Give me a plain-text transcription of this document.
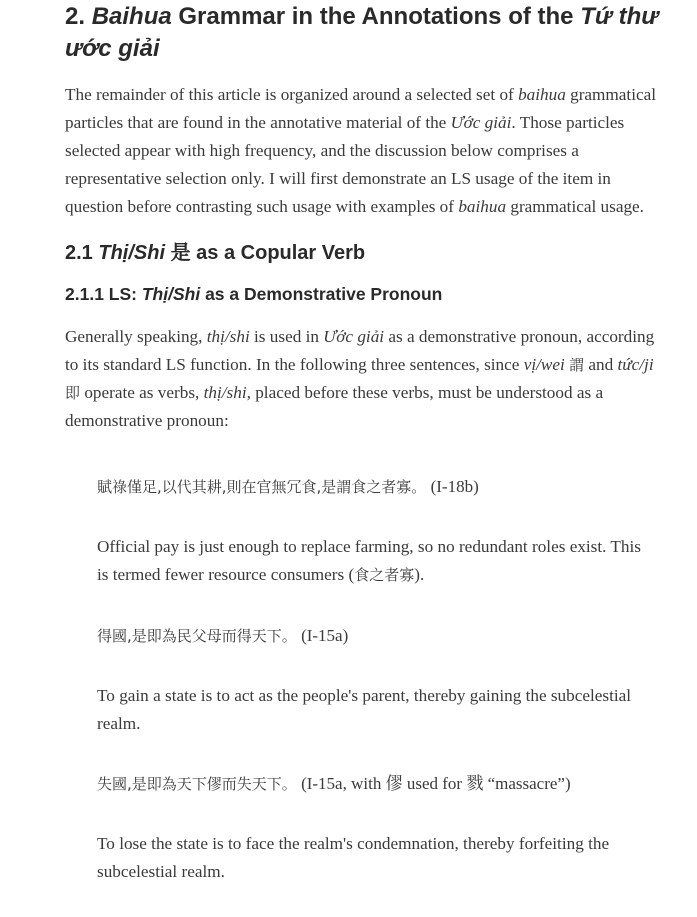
2. Baihua Grammar in the Annotations of the Tứ thư ước giải

The remainder of this article is organized around a selected set of baihua grammatical particles that are found in the annotative material of the Ước giải. Those particles selected appear with high frequency, and the discussion below comprises a representative selection only. I will first demonstrate an LS usage of the item in question before contrasting such usage with examples of baihua grammatical usage.

2.1 Thị/Shi 是 as a Copular Verb
2.1.1 LS: Thị/Shi as a Demonstrative Pronoun

Generally speaking, thị/shi is used in Ước giải as a demonstrative pronoun, according to its standard LS function. In the following three sentences, since vị/wei 謂 and tức/ji 即 operate as verbs, thị/shi, placed before these verbs, must be understood as a demonstrative pronoun:

賦祿僅足,以代其耕,則在官無冗食,是謂食之者寡。 (I-18b)

Official pay is just enough to replace farming, so no redundant roles exist. This is termed fewer resource consumers (食之者寡).

得國,是即為民父母而得天下。 (I-15a)

To gain a state is to act as the people's parent, thereby gaining the subcelestial realm.

失國,是即為天下僇而失天下。 (I-15a, with 僇 used for 戮 “massacre”)

To lose the state is to face the realm's condemnation, thereby forfeiting the subcelestial realm.
